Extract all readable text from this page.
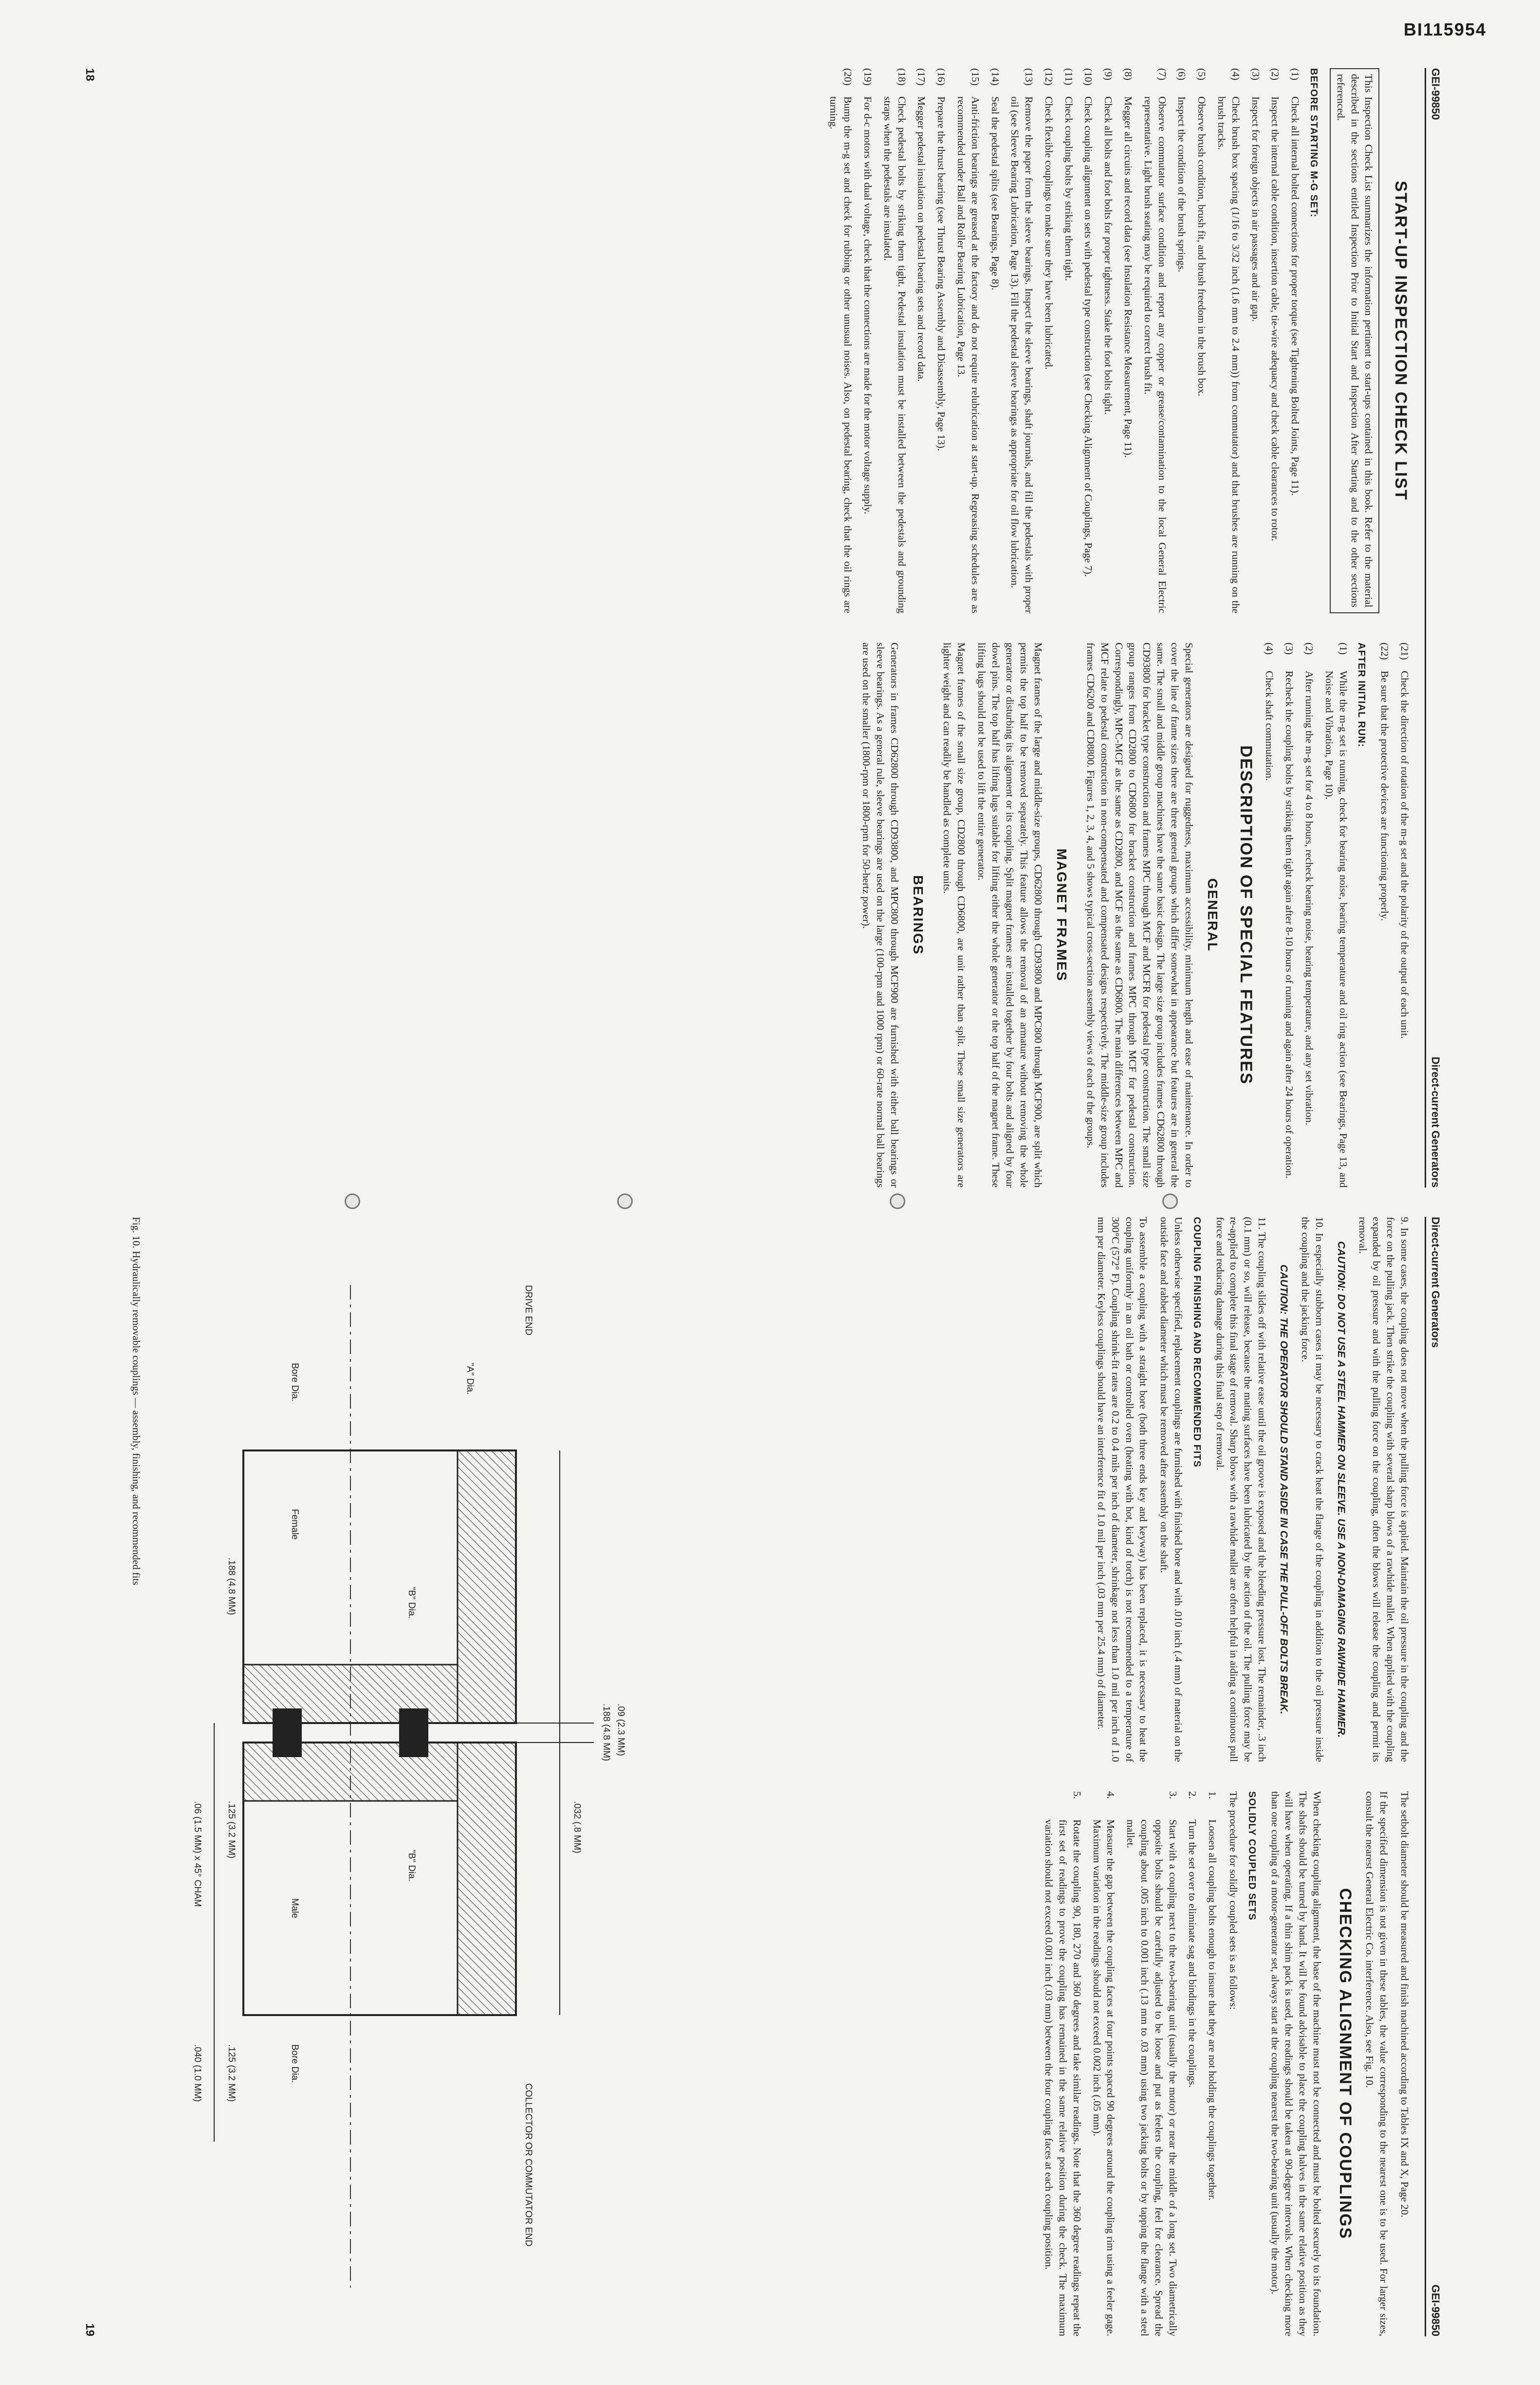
BI115954
GEI-99850
Direct-current Generators
START-UP INSPECTION CHECK LIST

This Inspection Check List summarizes the information pertinent to start-ups contained in this book. Refer to the material described in the sections entitled Inspection Prior to Initial Start and Inspection After Starting and to the other sections referenced.

BEFORE STARTING M-G SET:
(1)
Check all internal bolted connections for proper torque (see Tightening Bolted Joints, Page 11).
(2)
Inspect the internal cable condition, insertion cable, tie-wire adequacy and check cable clearances to rotor.
(3)
Inspect for foreign objects in air passages and air gap.
(4)
Check brush box spacing (1/16 to 3/32 inch (1.6 mm to 2.4 mm)) from commutator) and that brushes are running on the brush tracks.
(5)
Observe brush condition, brush fit, and brush freedom in the brush box.
(6)
Inspect the condition of the brush springs.
(7)
Observe commutator surface condition and report any copper or grease/contamination to the local General Electric representative. Light brush seating may be required to correct brush fit.
(8)
Megger all circuits and record data (see Insulation Resistance Measurement, Page 11).
(9)
Check all bolts and foot bolts for proper tightness. Stake the foot bolts tight.
(10)
Check coupling alignment on sets with pedestal type construction (see Checking Alignment of Couplings, Page 7).
(11)
Check coupling bolts by striking them tight.
(12)
Check flexible couplings to make sure they have been lubricated.
(13)
Remove the paper from the sleeve bearings. Inspect the sleeve bearings, shaft journals, and fill the pedestals with proper oil (see Sleeve Bearing Lubrication, Page 13). Fill the pedestal sleeve bearings as appropriate for oil flow lubrication.
(14)
Seal the pedestal splits (see Bearings, Page 8).
(15)
Anti-friction bearings are greased at the factory and do not require relubrication at start-up. Regreasing schedules are as recommended under Ball and Roller Bearing Lubrication, Page 13.
(16)
Prepare the thrust bearing (see Thrust Bearing Assembly and Disassembly, Page 13).
(17)
Megger pedestal insulation on pedestal bearing sets and record data.
(18)
Check pedestal bolts by striking them tight. Pedestal insulation must be installed between the pedestals and grounding straps when the pedestals are insulated.
(19)
For d-c motors with dual voltage, check that the connections are made for the motor voltage supply.
(20)
Bump the m-g set and check for rubbing or other unusual noises. Also, on pedestal bearing, check that the oil rings are turning.
(21)
Check the direction of rotation of the m-g set and the polarity of the output of each unit.
(22)
Be sure that the protective devices are functioning properly.
AFTER INITIAL RUN:
(1)
While the m-g set is running, check for bearing noise, bearing temperature and oil ring action (see Bearings, Page 13, and Noise and Vibration, Page 10).
(2)
After running the m-g set for 4 to 8 hours, recheck bearing noise, bearing temperature, and any set vibration.
(3)
Recheck the coupling bolts by striking them tight again after 8-10 hours of running and again after 24 hours of operation.
(4)
Check shaft commutation.
DESCRIPTION OF SPECIAL FEATURES
GENERAL

Special generators are designed for ruggedness, maximum accessibility, minimum length and ease of maintenance. In order to cover the line of frame sizes there are three general groups which differ somewhat in appearance but features are in general the same. The small and middle group machines have the same basic design. The large size group includes frames CD62800 through CD93800 for bracket type construction and frames MPC through MCF and MCFR for pedestal type construction. The small size group ranges from CD2800 to CD6800 for bracket construction and frames MPC through MCF for pedestal construction. Correspondingly, MPC-MCF as the same as CD2800, and MCF as the same as CD6800. The main differences between MPC and MCF relate to pedestal construction in non-compensated and compensated designs respectively. The middle-size group includes frames CD6200 and CD8800. Figures 1, 2, 3, 4, and 5 shows typical cross-section assembly views of each of the groups.

MAGNET FRAMES

Magnet frames of the large and middle-size groups, CD62800 through CD93800 and MPC800 through MCF900, are split which permits the top half to be removed separately. This feature allows the removal of an armature without removing the whole generator or disturbing its alignment or its coupling. Split magnet frames are installed together by four bolts and aligned by four dowel pins. The top half has lifting lugs suitable for lifting either the whole generator or the top half of the magnet frame. These lifting lugs should not be used to lift the entire generator.

Magnet frames of the small size group, CD2800 through CD6800, are unit rather than split. These small size generators are lighter weight and can readily be handled as complete units.

BEARINGS

Generators in frames CD62800 through CD93800, and MPC800 through MCF900 are furnished with either ball bearings or sleeve bearings. As a general rule, sleeve bearings are used on the large (100-rpm and 1000 rpm) or 60-rate normal ball bearings are used on the smaller (1800-rpm or 1800-rpm for 50-hertz power).

18
Direct-current Generators
GEI-99850

9. In some cases, the coupling does not move when the pulling force is applied. Maintain the oil pressure in the coupling and the force on the pulling jack. Then strike the coupling with several sharp blows of a rawhide mallet. When applied with the coupling expanded by oil pressure and with the pulling force on the coupling, often the blows will release the coupling and permit its removal.

CAUTION: DO NOT USE A STEEL HAMMER ON SLEEVE. USE A NON-DAMAGING RAWHIDE HAMMER.

10. In especially stubborn cases it may be necessary to crack heat the flange of the coupling in addition to the oil pressure inside the coupling and the jacking force.

CAUTION: THE OPERATOR SHOULD STAND ASIDE IN CASE THE PULL-OFF BOLTS BREAK.

11. The coupling slides off with relative ease until the oil groove is exposed and the bleeding pressure lost. The remainder, .3 inch (0.1 mm) or so, will release, because the mating surfaces have been lubricated by the action of the oil. The pulling force may be re-applied to complete this final stage of removal. Sharp blows with a rawhide mallet are often helpful in aiding a continuous pull force and reducing damage during this final step of removal.

COUPLING FINISHING AND RECOMMENDED FITS

Unless otherwise specified, replacement couplings are furnished with finished bore and with .010 inch (.4 mm) of material on the outside face and rabbet diameter which must be removed after assembly on the shaft.

To assemble a coupling with a straight bore (both three ends key and keyway) has been replaced, it is necessary to heat the coupling uniformly in an oil bath or controlled oven (heating with hot, kind of torch) is not recommended to a temperature of 300°C (572° F). Coupling shrink-fit rates are 0.2 to 0.4 mils per inch of diameter, shrinkage not less than 1.0 mil per inch of 1.0 mm per diameter. Keyless couplings should have an interference fit of 1.0 mil per inch (.03 mm per 25.4 mm) of diameter.

The setbolt diameter should be measured and finish machined according to Tables IX and X, Page 20.

If the specified dimension is not given in these tables, the value corresponding to the nearest one is to be used. For larger sizes, consult the nearest General Electric Co. interference. Also, see Fig. 10.

CHECKING ALIGNMENT OF COUPLINGS

When checking coupling alignment, the base of the machine must not be connected and must be bolted securely to its foundation. The shafts should be turned by hand. It will be found advisable to place the coupling halves in the same relative position as they will have when operating. If a thin shim pack is used, the readings should be taken at 90-degree intervals. When checking more than one coupling of a motor-generator set, always start at the coupling nearest the two-bearing unit (usually the motor).

SOLIDLY COUPLED SETS

The procedure for solidly coupled sets is as follows:

1.
Loosen all coupling bolts enough to insure that they are not holding the couplings together.
2.
Turn the set over to eliminate sag and bindings in the couplings.
3.
Start with a coupling next to the two-bearing unit (usually the motor) or near the middle of a long set. Two diametrically opposite bolts should be carefully adjusted to be loose and put as feelers the coupling, feel for clearance. Spread the coupling about .005 inch to 0.001 inch (.13 mm to .03 mm) using two jacking bolts or by tapping the flange with a steel mallet.
4.
Measure the gap between the coupling faces at four points spaced 90 degrees around the coupling rim using a feeler gage. Maximum variation in the readings should not exceed 0.002 inch (.05 mm).
5.
Rotate the coupling 90, 180, 270 and 360 degrees and take similar readings. Note that the 360 degree readings repeat the first set of readings to prove the coupling has remained in the same relative position during the check. The maximum variation should not exceed 0.001 inch (.03 mm) between the four coupling faces at each coupling position.
DRIVE END
COLLECTOR OR COMMUTATOR END
"A" Dia.
Bore Dia.
Female
Male
Bore Dia.
"B" Dia.
"B" Dia.
.188 (4.8 MM) .09 (2.3 MM)
.032 (.8 MM)
.125 (3.2 MM)
.125 (3.2 MM)
.188 (4.8 MM)
.06 (1.5 MM) x 45° CHAM
.040 (1.0 MM)
Fig. 10. Hydraulically removable couplings — assembly, finishing, and recommended fits
19
